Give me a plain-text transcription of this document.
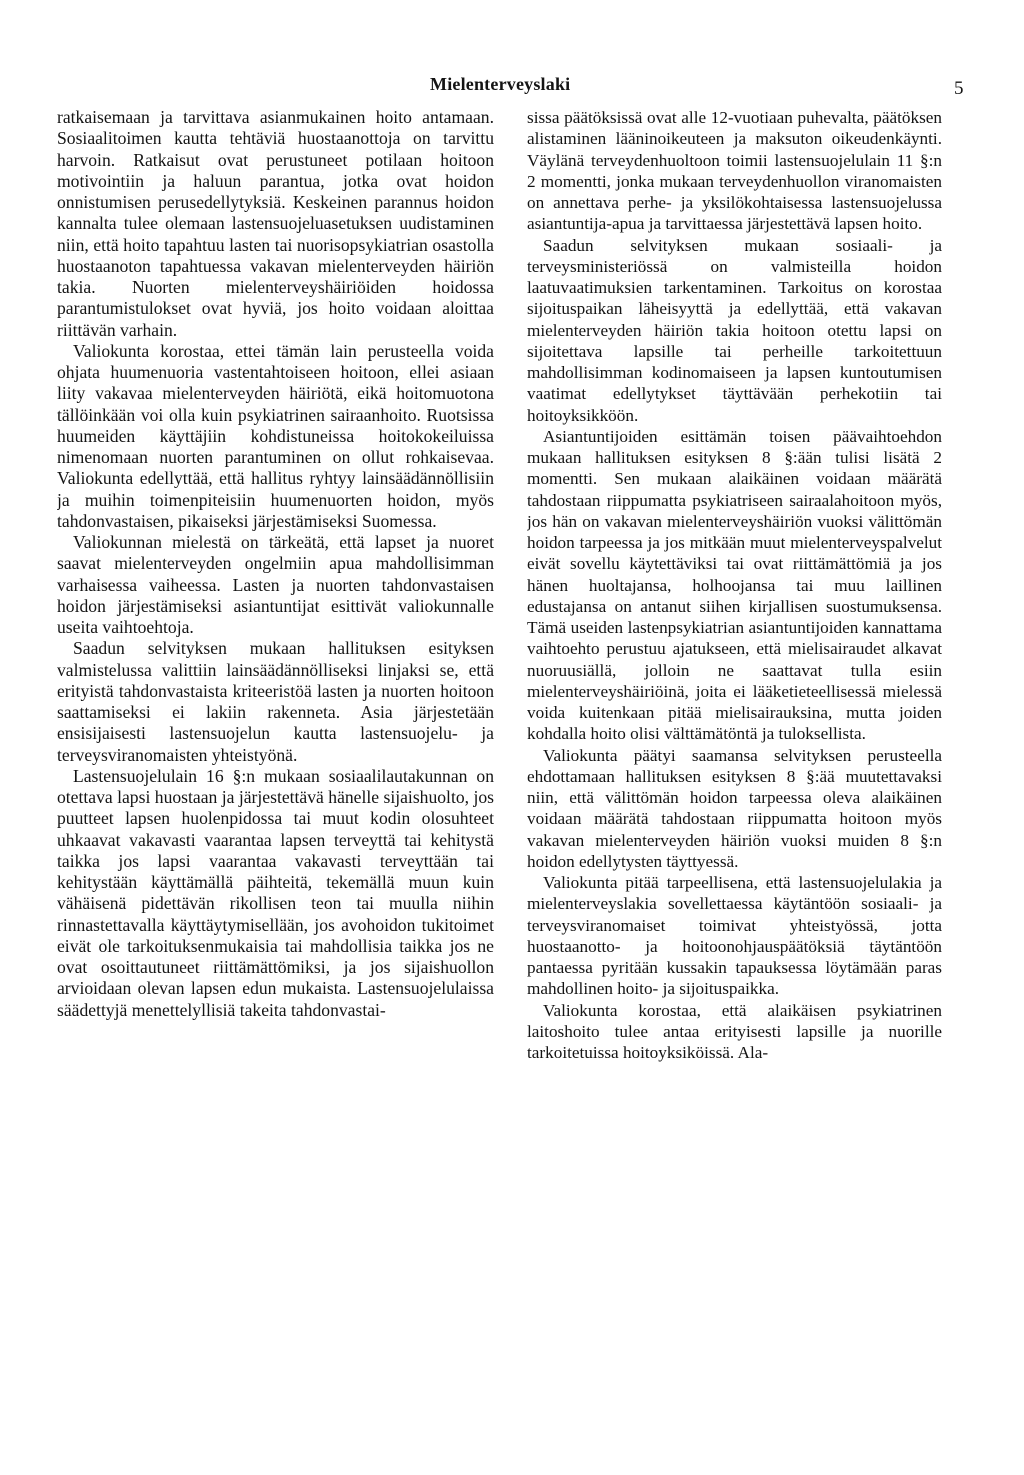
Mielenterveyslaki	5

ratkaisemaan ja tarvittava asianmukainen hoito antamaan. Sosiaalitoimen kautta tehtäviä huostaanottoja on tarvittu harvoin. Ratkaisut ovat perustuneet potilaan hoitoon motivointiin ja haluun parantua, jotka ovat hoidon onnistumisen perusedellytyksiä. Keskeinen parannus hoidon kannalta tulee olemaan lastensuojeluasetuksen uudistaminen niin, että hoito tapahtuu lasten tai nuorisopsykiatrian osastolla huostaanoton tapahtuessa vakavan mielenterveyden häiriön takia. Nuorten mielenterveyshäiriöiden hoidossa parantumistulokset ovat hyviä, jos hoito voidaan aloittaa riittävän varhain.

Valiokunta korostaa, ettei tämän lain perusteella voida ohjata huumenuoria vastentahtoiseen hoitoon, ellei asiaan liity vakavaa mielenterveyden häiriötä, eikä hoitomuotona tällöinkään voi olla kuin psykiatrinen sairaanhoito. Ruotsissa huumeiden käyttäjiin kohdistuneissa hoitokokeiluissa nimenomaan nuorten parantuminen on ollut rohkaisevaa. Valiokunta edellyttää, että hallitus ryhtyy lainsäädännöllisiin ja muihin toimenpiteisiin huumenuorten hoidon, myös tahdonvastaisen, pikaiseksi järjestämiseksi Suomessa.

Valiokunnan mielestä on tärkeätä, että lapset ja nuoret saavat mielenterveyden ongelmiin apua mahdollisimman varhaisessa vaiheessa. Lasten ja nuorten tahdonvastaisen hoidon järjestämiseksi asiantuntijat esittivät valiokunnalle useita vaihtoehtoja.

Saadun selvityksen mukaan hallituksen esityksen valmistelussa valittiin lainsäädännölliseksi linjaksi se, että erityistä tahdonvastaista kriteeristöä lasten ja nuorten hoitoon saattamiseksi ei lakiin rakenneta. Asia järjestetään ensisijaisesti lastensuojelun kautta lastensuojelu- ja terveysviranomaisten yhteistyönä.

Lastensuojelulain 16 §:n mukaan sosiaalilautakunnan on otettava lapsi huostaan ja järjestettävä hänelle sijaishuolto, jos puutteet lapsen huolenpidossa tai muut kodin olosuhteet uhkaavat vakavasti vaarantaa lapsen terveyttä tai kehitystä taikka jos lapsi vaarantaa vakavasti terveyttään tai kehitystään käyttämällä päihteitä, tekemällä muun kuin vähäisenä pidettävän rikollisen teon tai muulla niihin rinnastettavalla käyttäytymisellään, jos avohoidon tukitoimet eivät ole tarkoituksenmukaisia tai mahdollisia taikka jos ne ovat osoittautuneet riittämättömiksi, ja jos sijaishuollon arvioidaan olevan lapsen edun mukaista. Lastensuojelulaissa säädettyjä menettelyllisiä takeita tahdonvastai-

sissa päätöksissä ovat alle 12-vuotiaan puhevalta, päätöksen alistaminen lääninoikeuteen ja maksuton oikeudenkäynti. Väylänä terveydenhuoltoon toimii lastensuojelulain 11 §:n 2 momentti, jonka mukaan terveydenhuollon viranomaisten on annettava perhe- ja yksilökohtaisessa lastensuojelussa asiantuntija-apua ja tarvittaessa järjestettävä lapsen hoito.

Saadun selvityksen mukaan sosiaali- ja terveysministeriössä on valmisteilla hoidon laatuvaatimuksien tarkentaminen. Tarkoitus on korostaa sijoituspaikan läheisyyttä ja edellyttää, että vakavan mielenterveyden häiriön takia hoitoon otettu lapsi on sijoitettava lapsille tai perheille tarkoitettuun mahdollisimman kodinomaiseen ja lapsen kuntoutumisen vaatimat edellytykset täyttävään perhekotiin tai hoitoyksikköön.

Asiantuntijoiden esittämän toisen päävaihtoehdon mukaan hallituksen esityksen 8 §:ään tulisi lisätä 2 momentti. Sen mukaan alaikäinen voidaan määrätä tahdostaan riippumatta psykiatriseen sairaalahoitoon myös, jos hän on vakavan mielenterveyshäiriön vuoksi välittömän hoidon tarpeessa ja jos mitkään muut mielenterveyspalvelut eivät sovellu käytettäviksi tai ovat riittämättömiä ja jos hänen huoltajansa, holhoojansa tai muu laillinen edustajansa on antanut siihen kirjallisen suostumuksensa. Tämä useiden lastenpsykiatrian asiantuntijoiden kannattama vaihtoehto perustuu ajatukseen, että mielisairaudet alkavat nuoruusiällä, jolloin ne saattavat tulla esiin mielenterveyshäiriöinä, joita ei lääketieteellisessä mielessä voida kuitenkaan pitää mielisairauksina, mutta joiden kohdalla hoito olisi välttämätöntä ja tuloksellista.

Valiokunta päätyi saamansa selvityksen perusteella ehdottamaan hallituksen esityksen 8 §:ää muutettavaksi niin, että välittömän hoidon tarpeessa oleva alaikäinen voidaan määrätä tahdostaan riippumatta hoitoon myös vakavan mielenterveyden häiriön vuoksi muiden 8 §:n hoidon edellytysten täyttyessä.

Valiokunta pitää tarpeellisena, että lastensuojelulakia ja mielenterveyslakia sovellettaessa käytäntöön sosiaali- ja terveysviranomaiset toimivat yhteistyössä, jotta huostaanotto- ja hoitoonohjauspäätöksiä täytäntöön pantaessa pyritään kussakin tapauksessa löytämään paras mahdollinen hoito- ja sijoituspaikka.

Valiokunta korostaa, että alaikäisen psykiatrinen laitoshoito tulee antaa erityisesti lapsille ja nuorille tarkoitetuissa hoitoyksiköissä. Ala-
